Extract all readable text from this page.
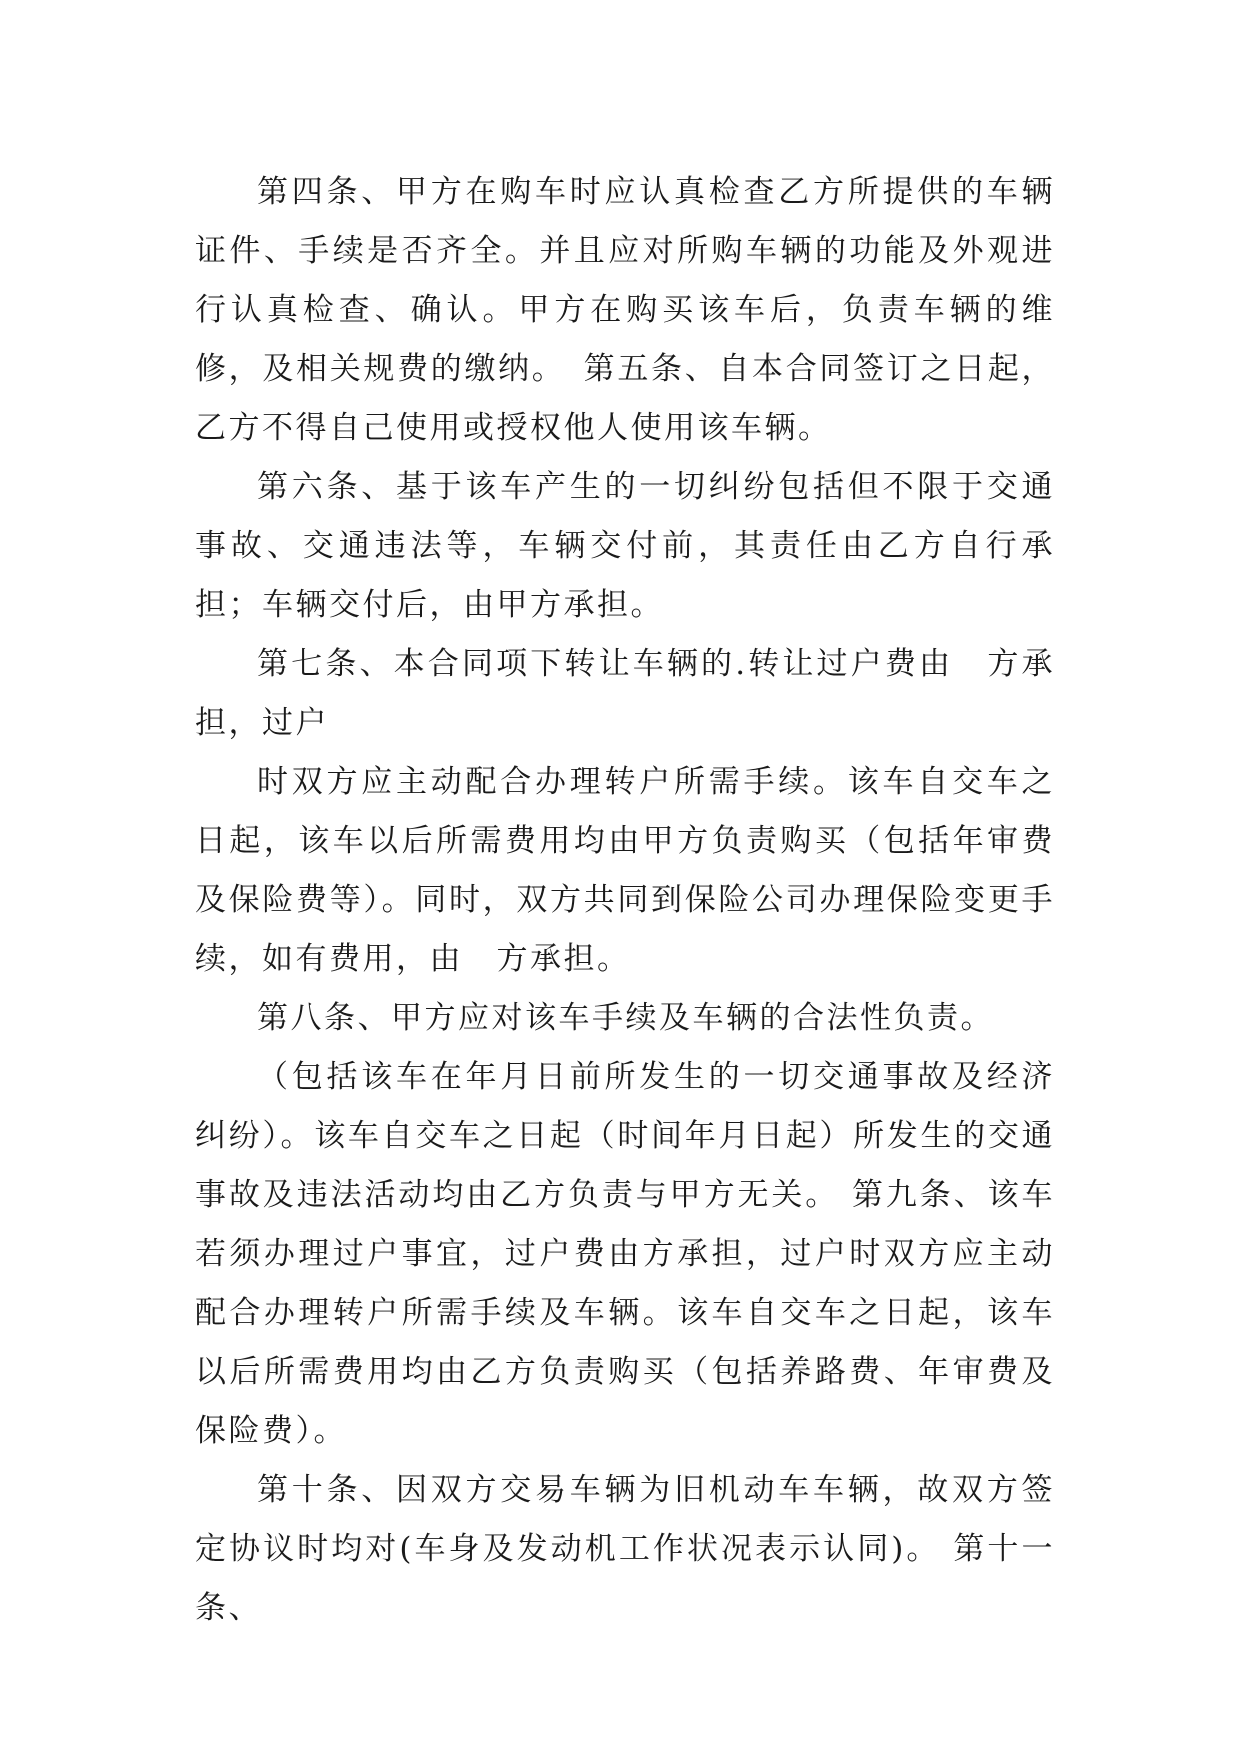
第四条、甲方在购车时应认真检查乙方所提供的车辆证件、手续是否齐全。并且应对所购车辆的功能及外观进行认真检查、确认。甲方在购买该车后，负责车辆的维修，及相关规费的缴纳。　第五条、自本合同签订之日起，乙方不得自己使用或授权他人使用该车辆。

第六条、基于该车产生的一切纠纷包括但不限于交通事故、交通违法等，车辆交付前，其责任由乙方自行承担；车辆交付后，由甲方承担。

第七条、本合同项下转让车辆的.转让过户费由　方承担，过户

时双方应主动配合办理转户所需手续。该车自交车之日起，该车以后所需费用均由甲方负责购买（包括年审费及保险费等）。同时，双方共同到保险公司办理保险变更手续，如有费用，由　方承担。

第八条、甲方应对该车手续及车辆的合法性负责。

（包括该车在年月日前所发生的一切交通事故及经济纠纷）。该车自交车之日起（时间年月日起）所发生的交通事故及违法活动均由乙方负责与甲方无关。 第九条、该车若须办理过户事宜，过户费由方承担，过户时双方应主动配合办理转户所需手续及车辆。该车自交车之日起，该车以后所需费用均由乙方负责购买（包括养路费、年审费及保险费）。

第十条、因双方交易车辆为旧机动车车辆，故双方签定协议时均对(车身及发动机工作状况表示认同)。 第十一条、
